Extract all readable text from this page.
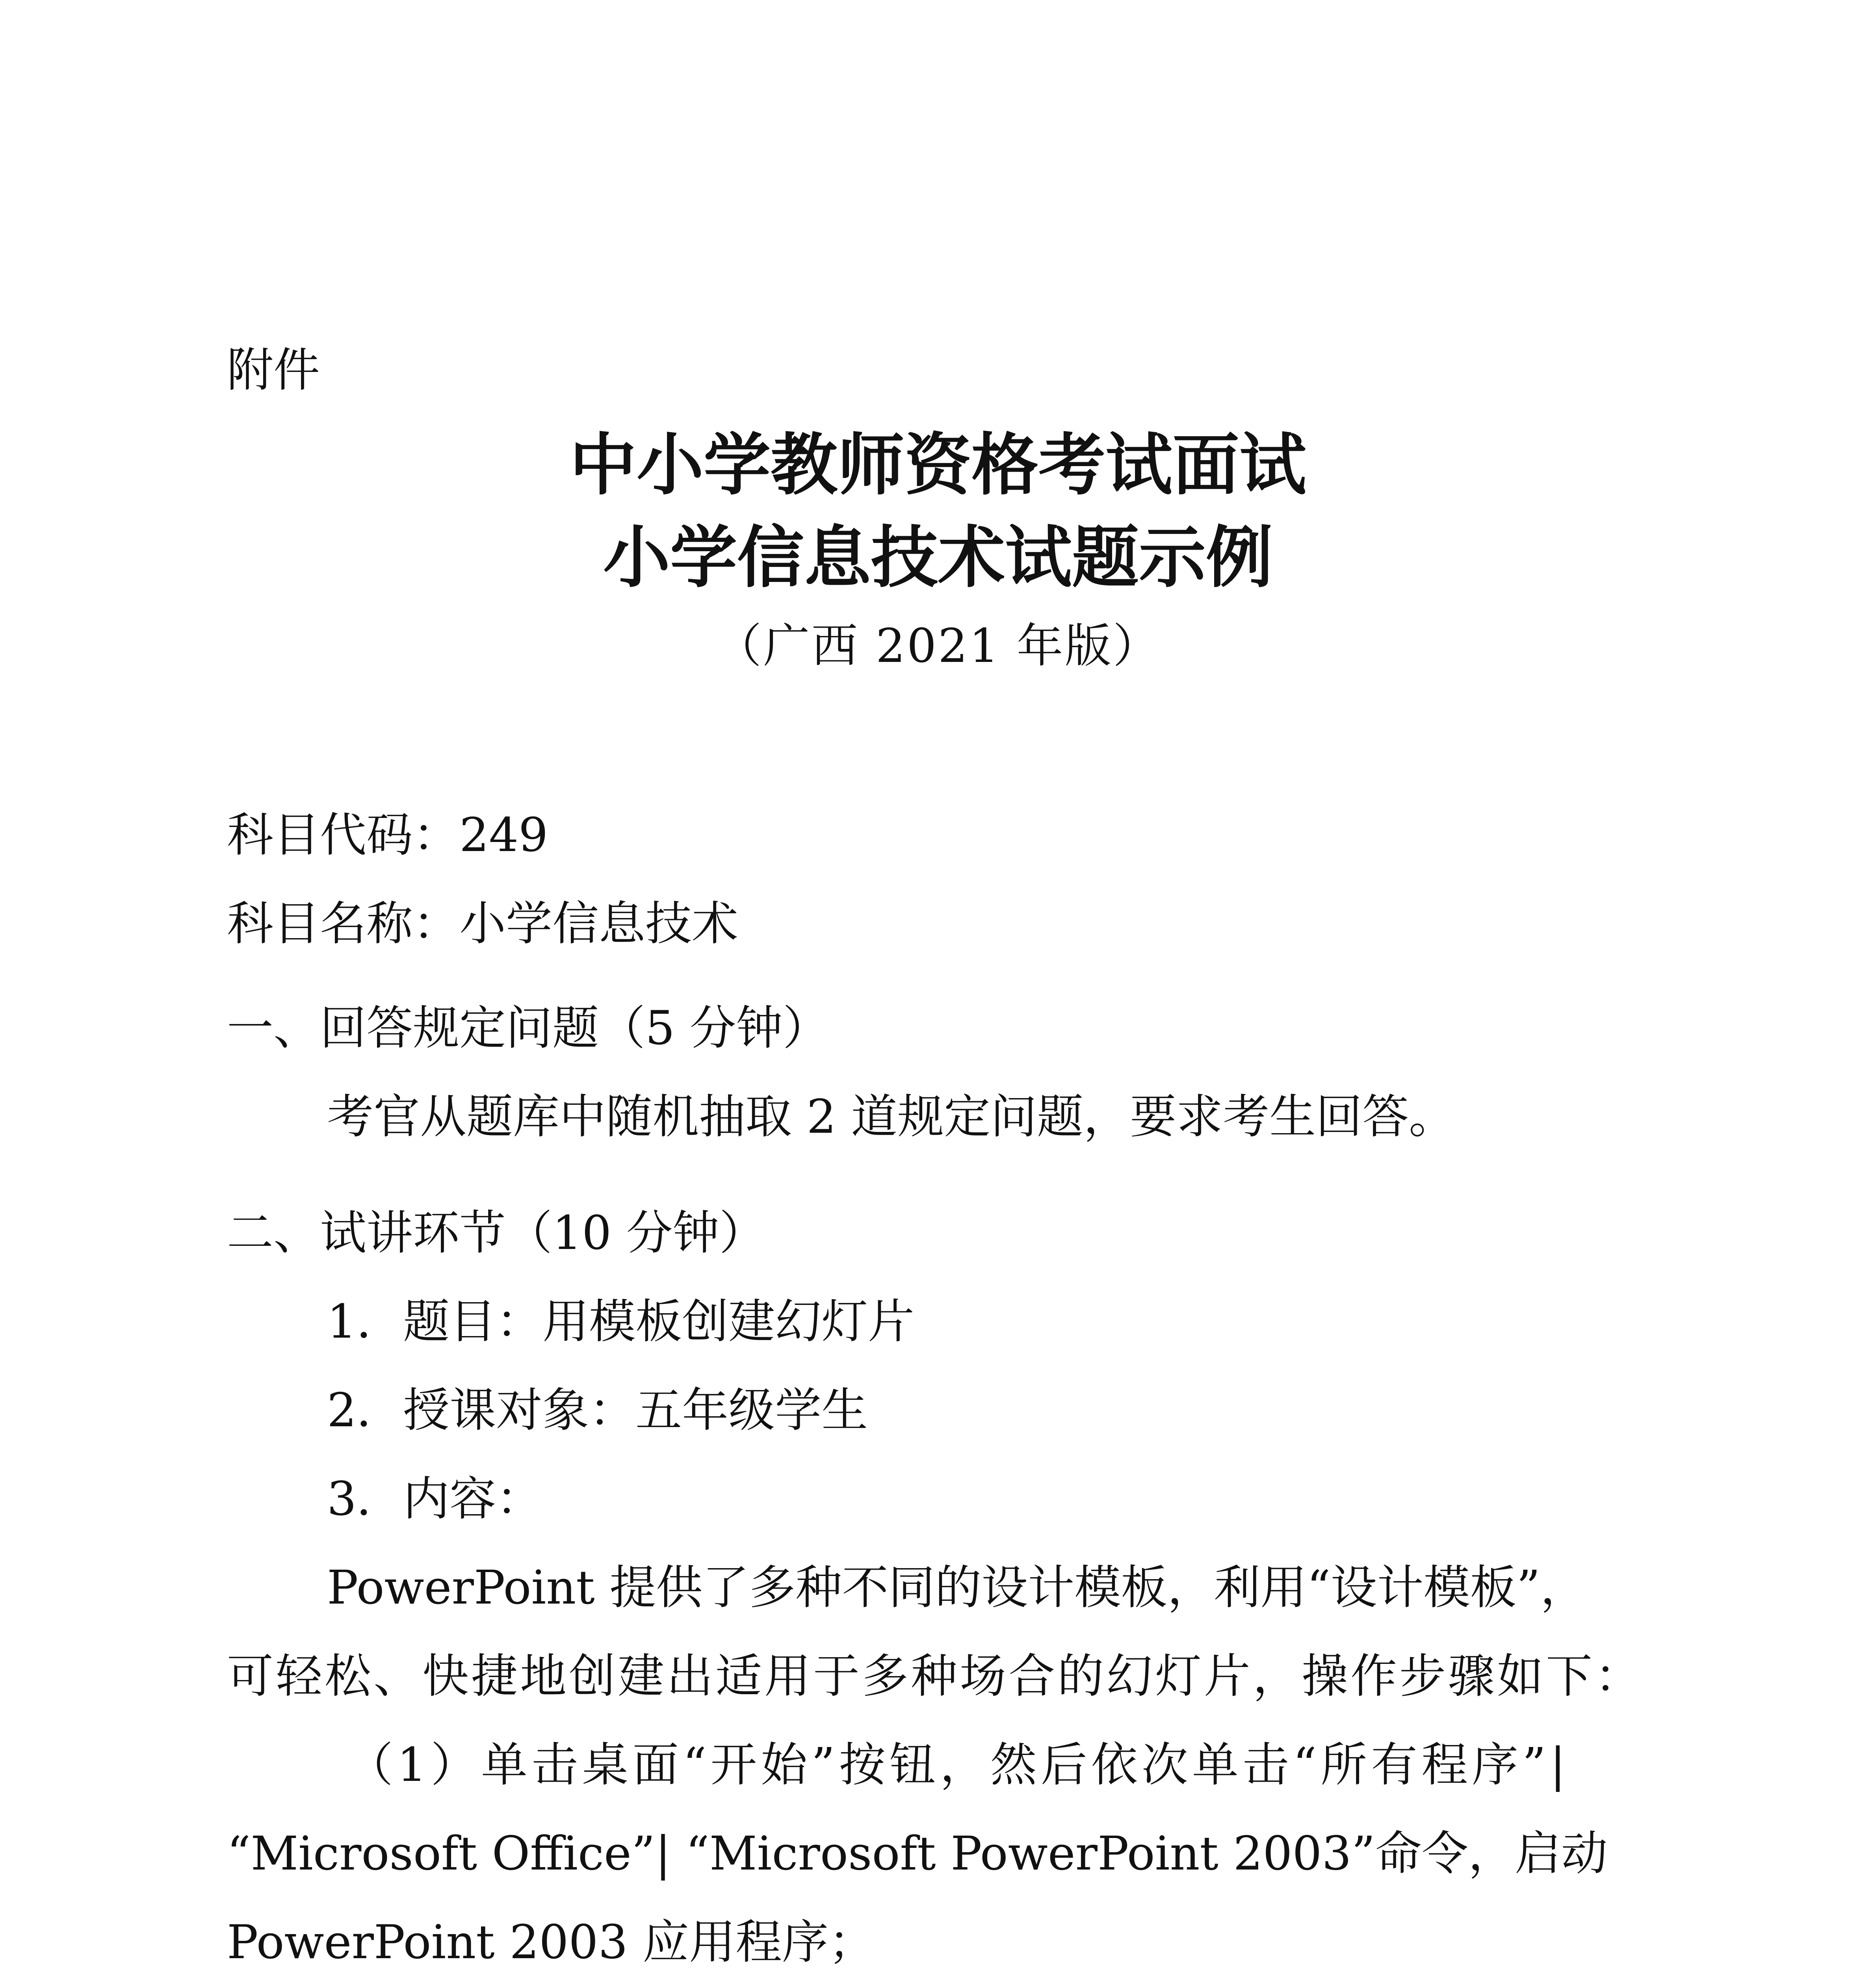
附件
中小学教师资格考试面试
小学信息技术试题示例
（广西 2021 年版）
科目代码：249
科目名称：小学信息技术
一、回答规定问题（5 分钟）
考官从题库中随机抽取 2 道规定问题，要求考生回答。
二、试讲环节（10 分钟）
1．题目：用模板创建幻灯片
2．授课对象：五年级学生
3．内容：
PowerPoint 提供了多种不同的设计模板，利用“设计模板”，
可轻松、快捷地创建出适用于多种场合的幻灯片，操作步骤如下：
（1）单击桌面“开始”按钮，然后依次单击“所有程序”|
“Microsoft Office”| “Microsoft PowerPoint 2003”命令，启动
PowerPoint 2003 应用程序；
